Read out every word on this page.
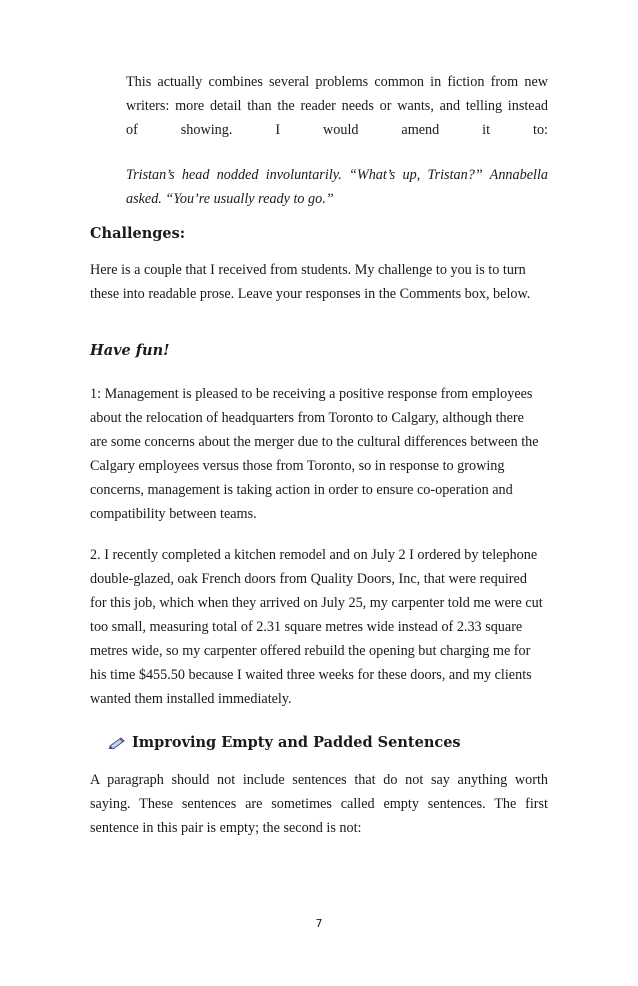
This actually combines several problems common in fiction from new
writers: more detail than the reader needs or wants, and telling instead
of showing. I would amend it to:
Tristan’s head nodded involuntarily. “What’s up, Tristan?” Annabella
asked. “You’re usually ready to go.”
Challenges:
Here is a couple that I received from students. My challenge to you is to turn
these into readable prose. Leave your responses in the Comments box, below.
Have fun!
1: Management is pleased to be receiving a positive response from employees
about the relocation of headquarters from Toronto to Calgary, although there
are some concerns about the merger due to the cultural differences between the
Calgary employees versus those from Toronto, so in response to growing
concerns, management is taking action in order to ensure co-operation and
compatibility between teams.
2. I recently completed a kitchen remodel and on July 2 I ordered by telephone
double-glazed, oak French doors from Quality Doors, Inc, that were required
for this job, which when they arrived on July 25, my carpenter told me were cut
too small, measuring total of 2.31 square metres wide instead of 2.33 square
metres wide, so my carpenter offered rebuild the opening but charging me for
his time $455.50 because I waited three weeks for these doors, and my clients
wanted them installed immediately.
Improving Empty and Padded Sentences
A paragraph should not include sentences that do not say anything worth
saying. These sentences are sometimes called empty sentences. The first
sentence in this pair is empty; the second is not:
7
